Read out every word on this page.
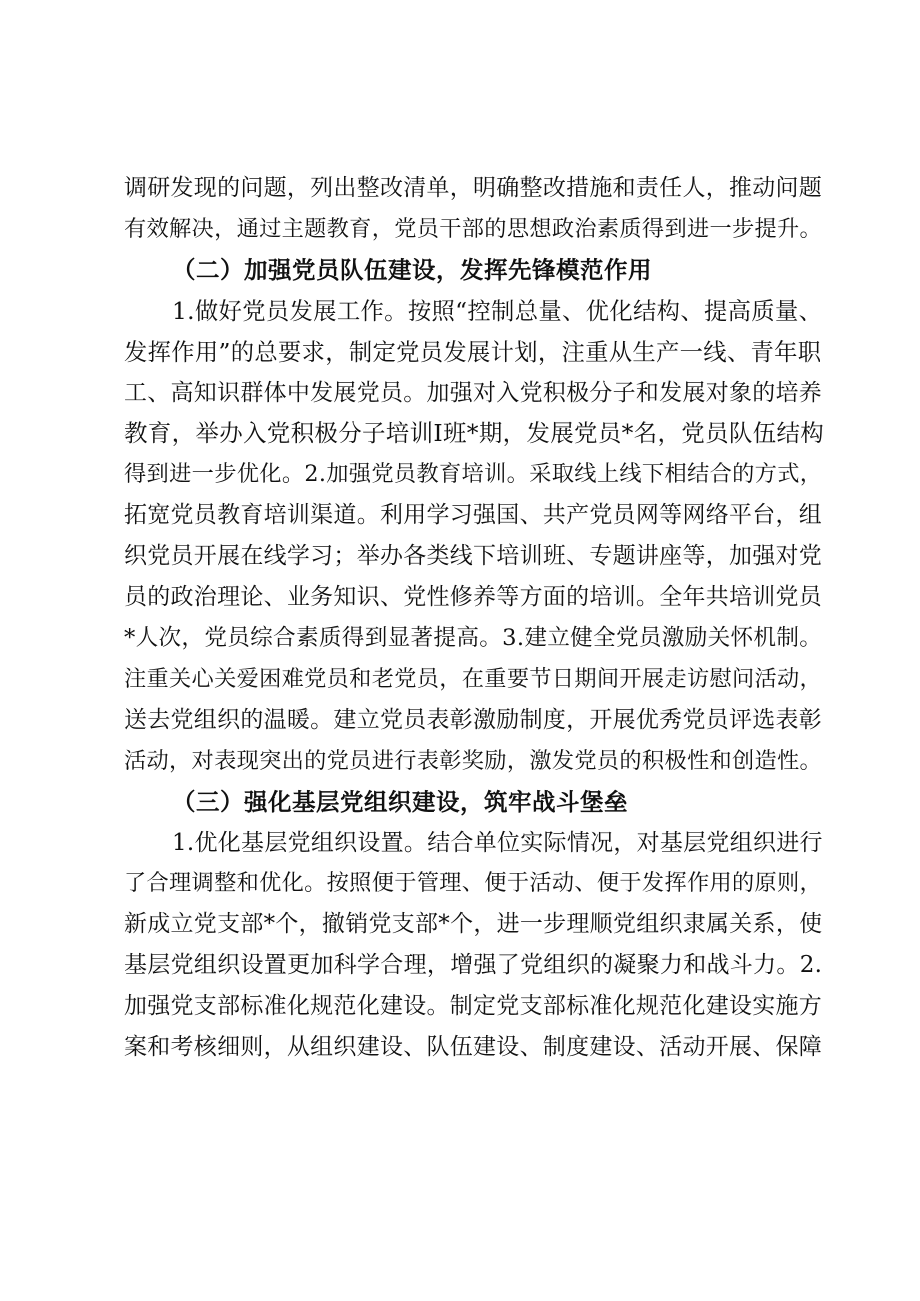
调研发现的问题，列出整改清单，明确整改措施和责任人，推动问题
有效解决，通过主题教育，党员干部的思想政治素质得到进一步提升。

（二）加强党员队伍建设，发挥先锋模范作用

1.做好党员发展工作。按照“控制总量、优化结构、提高质量、
发挥作用”的总要求，制定党员发展计划，注重从生产一线、青年职
工、高知识群体中发展党员。加强对入党积极分子和发展对象的培养
教育，举办入党积极分子培训I班*期，发展党员*名，党员队伍结构
得到进一步优化。2.加强党员教育培训。采取线上线下相结合的方式，
拓宽党员教育培训渠道。利用学习强国、共产党员网等网络平台，组
织党员开展在线学习；举办各类线下培训班、专题讲座等，加强对党
员的政治理论、业务知识、党性修养等方面的培训。全年共培训党员
*人次，党员综合素质得到显著提高。3.建立健全党员激励关怀机制。
注重关心关爱困难党员和老党员，在重要节日期间开展走访慰问活动，
送去党组织的温暖。建立党员表彰激励制度，开展优秀党员评选表彰
活动，对表现突出的党员进行表彰奖励，激发党员的积极性和创造性。

（三）强化基层党组织建设，筑牢战斗堡垒

1.优化基层党组织设置。结合单位实际情况，对基层党组织进行
了合理调整和优化。按照便于管理、便于活动、便于发挥作用的原则，
新成立党支部*个，撤销党支部*个，进一步理顺党组织隶属关系，使
基层党组织设置更加科学合理，增强了党组织的凝聚力和战斗力。2.
加强党支部标准化规范化建设。制定党支部标准化规范化建设实施方
案和考核细则，从组织建设、队伍建设、制度建设、活动开展、保障
